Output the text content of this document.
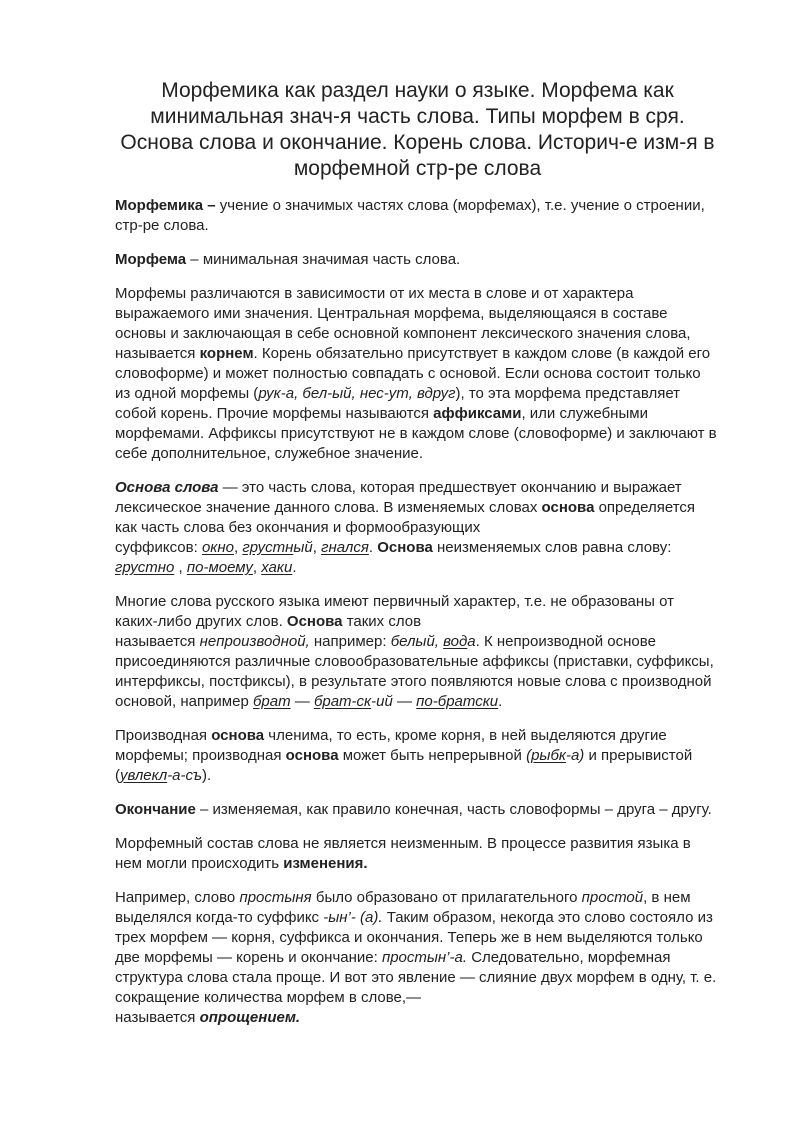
Морфемика как раздел науки о языке. Морфема как
минимальная знач-я часть слова. Типы морфем в сря.
Основа слова и окончание. Корень слова. Историч-е изм-я в
морфемной стр-ре слова

Морфемика – учение о значимых частях слова (морфемах), т.е. учение о строении, стр-ре слова.

Морфема – минимальная значимая часть слова.

Морфемы различаются в зависимости от их места в слове и от характера выражаемого ими значения. Центральная морфема, выделяющаяся в составе основы и заключающая в себе основной компонент лексического значения слова, называется корнем. Корень обязательно присутствует в каждом слове (в каждой его словоформе) и может полностью совпадать с основой. Если основа состоит только из одной морфемы (рук-а, бел-ый, нес-ут, вдруг), то эта морфема представляет собой корень. Прочие морфемы называются аффиксами, или служебными морфемами. Аффиксы присутствуют не в каждом слове (словоформе) и заключают в себе дополнительное, служебное значение.

Основа слова — это часть слова, которая предшествует окончанию и выражает лексическое значение данного слова. В изменяемых словах основа определяется как часть слова без окончания и формообразующих
суффиксов: окно, грустный, гнался. Основа неизменяемых слов равна слову: грустно , по-моему, хаки.

Многие слова русского языка имеют первичный характер, т.е. не образованы от каких-либо других слов. Основа таких слов
называется непроизводной, например: белый, вода. К непроизводной основе присоединяются различные словообразовательные аффиксы (приставки, суффиксы, интерфиксы, постфиксы), в результате этого появляются новые слова с производной основой, например брат — брат-ск-ий — по-братски.

Производная основа членима, то есть, кроме корня, в ней выделяются другие морфемы; производная основа может быть непрерывной (рыбк-а) и прерывистой (увлекл-а-съ).

Окончание – изменяемая, как правило конечная, часть словоформы – друга – другу.

Морфемный состав слова не является неизменным. В процессе развития языка в нем могли происходить изменения.

Например, слово простыня было образовано от прилагательного простой, в нем выделялся когда-то суффикс -ын’- (а). Таким образом, некогда это слово состояло из трех морфем — корня, суффикса и окончания. Теперь же в нем выделяются только две морфемы — корень и окончание: простын’-а. Следовательно, морфемная структура слова стала проще. И вот это явление — слияние двух морфем в одну, т. е. сокращение количества морфем в слове,—
называется опрощением.
